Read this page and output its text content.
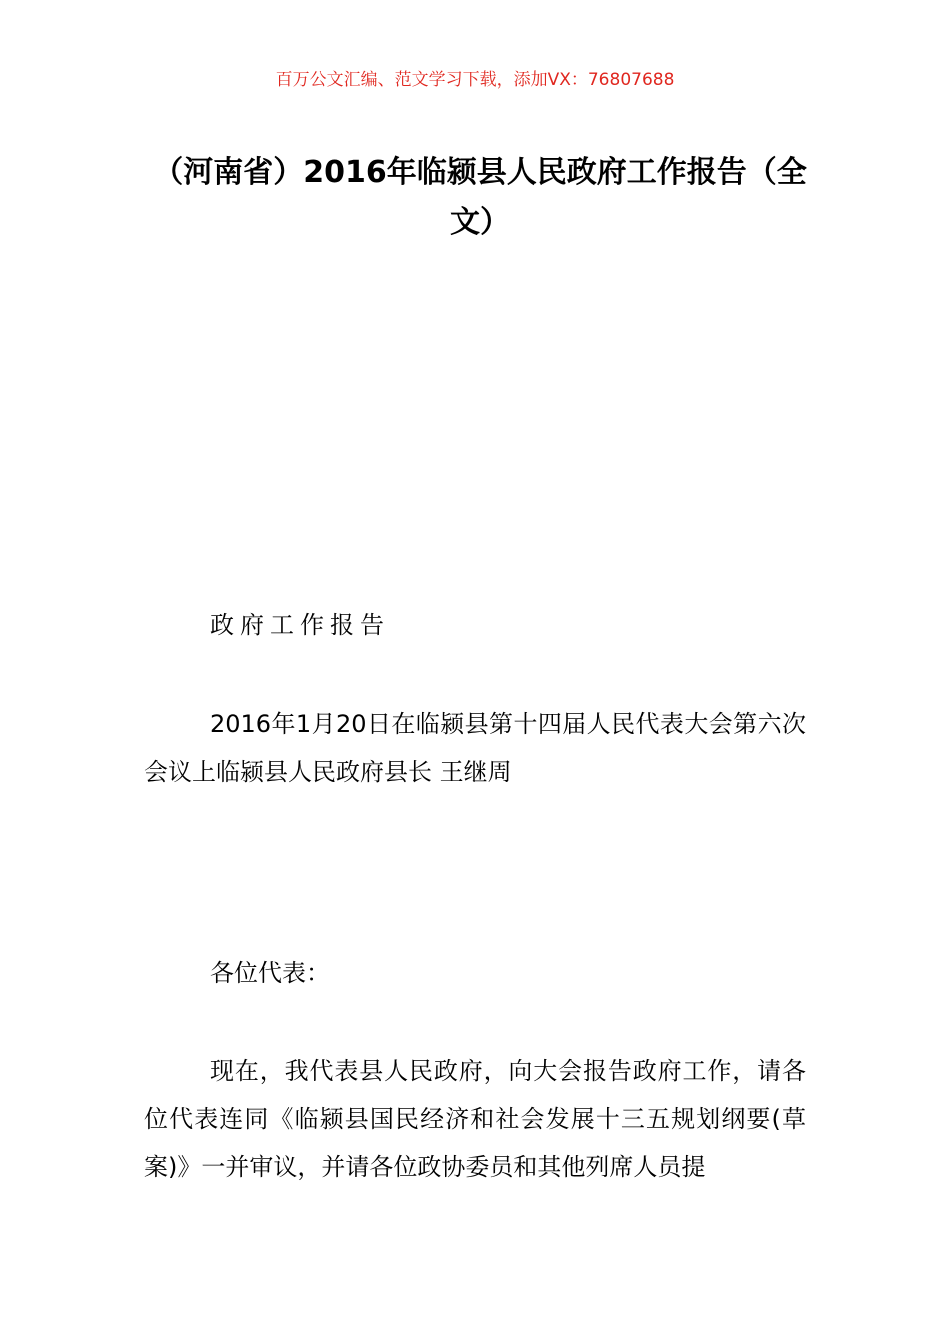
百万公文汇编、范文学习下载，添加VX：76807688
（河南省）2016年临颍县人民政府工作报告（全文）

政府工作报告

2016年1月20日在临颍县第十四届人民代表大会第六次会议上临颍县人民政府县长 王继周

各位代表：

现在，我代表县人民政府，向大会报告政府工作，请各位代表连同《临颍县国民经济和社会发展十三五规划纲要(草案)》一并审议，并请各位政协委员和其他列席人员提
